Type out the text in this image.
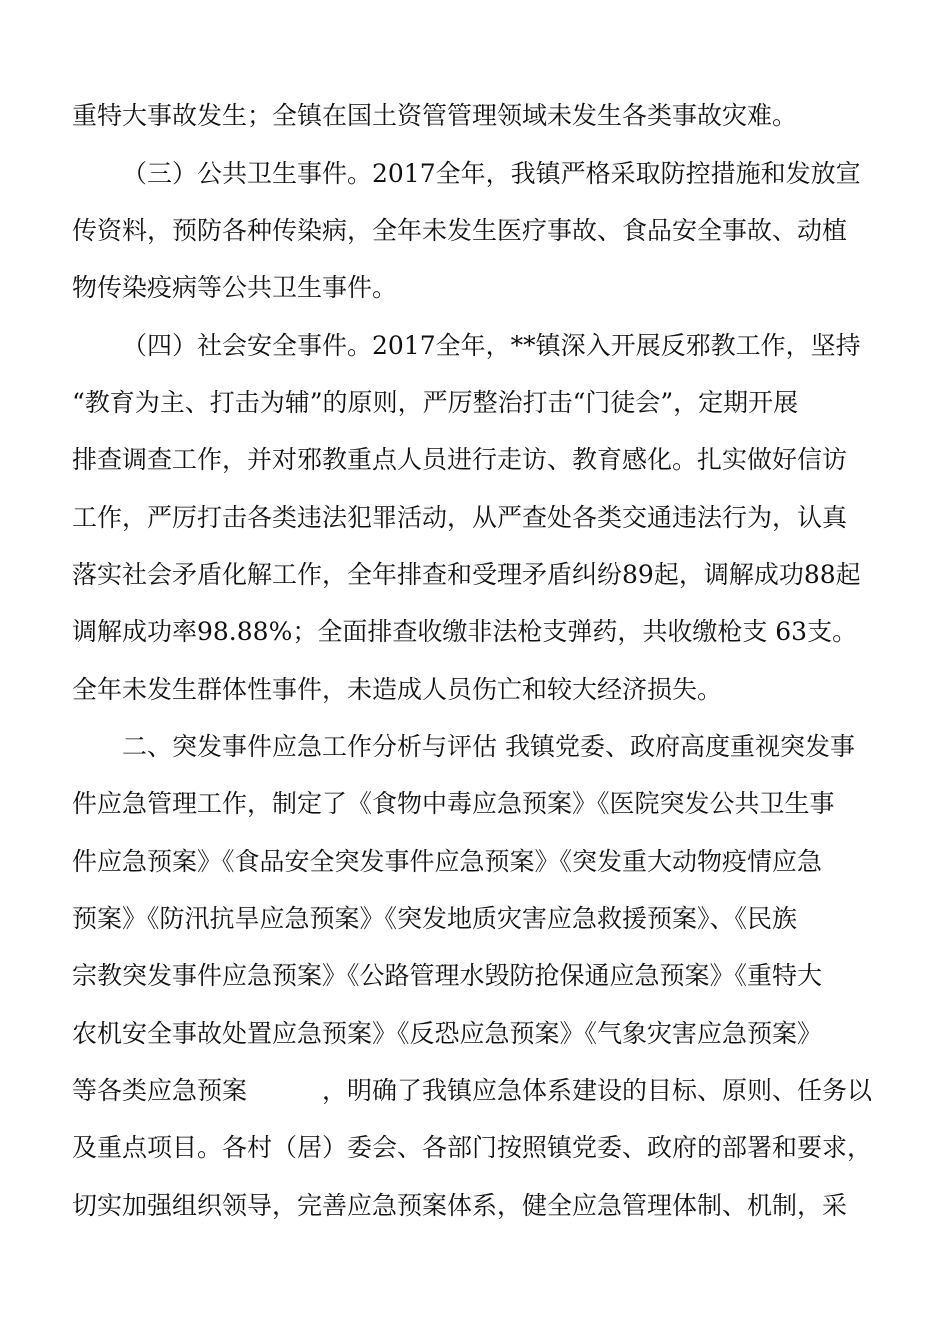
重特大事故发生；全镇在国土资管管理领域未发生各类事故灾难。
（三）公共卫生事件。2017全年，我镇严格采取防控措施和发放宣
传资料，预防各种传染病，全年未发生医疗事故、食品安全事故、动植
物传染疫病等公共卫生事件。
（四）社会安全事件。2017全年，**镇深入开展反邪教工作，坚持
“教育为主、打击为辅”的原则，严厉整治打击“门徒会”，定期开展
排查调查工作，并对邪教重点人员进行走访、教育感化。扎实做好信访
工作，严厉打击各类违法犯罪活动，从严查处各类交通违法行为，认真
落实社会矛盾化解工作，全年排查和受理矛盾纠纷89起，调解成功88起
调解成功率98.88%；全面排查收缴非法枪支弹药，共收缴枪支 63支。
全年未发生群体性事件，未造成人员伤亡和较大经济损失。
二、突发事件应急工作分析与评估 我镇党委、政府高度重视突发事
件应急管理工作，制定了《食物中毒应急预案》《医院突发公共卫生事
件应急预案》《食品安全突发事件应急预案》《突发重大动物疫情应急
预案》《防汛抗旱应急预案》《突发地质灾害应急救援预案》、《民族
宗教突发事件应急预案》《公路管理水毁防抢保通应急预案》《重特大
农机安全事故处置应急预案》《反恐应急预案》《气象灾害应急预案》
等各类应急预案　　　，明确了我镇应急体系建设的目标、原则、任务以
及重点项目。各村（居）委会、各部门按照镇党委、政府的部署和要求，
切实加强组织领导，完善应急预案体系，健全应急管理体制、机制，采
